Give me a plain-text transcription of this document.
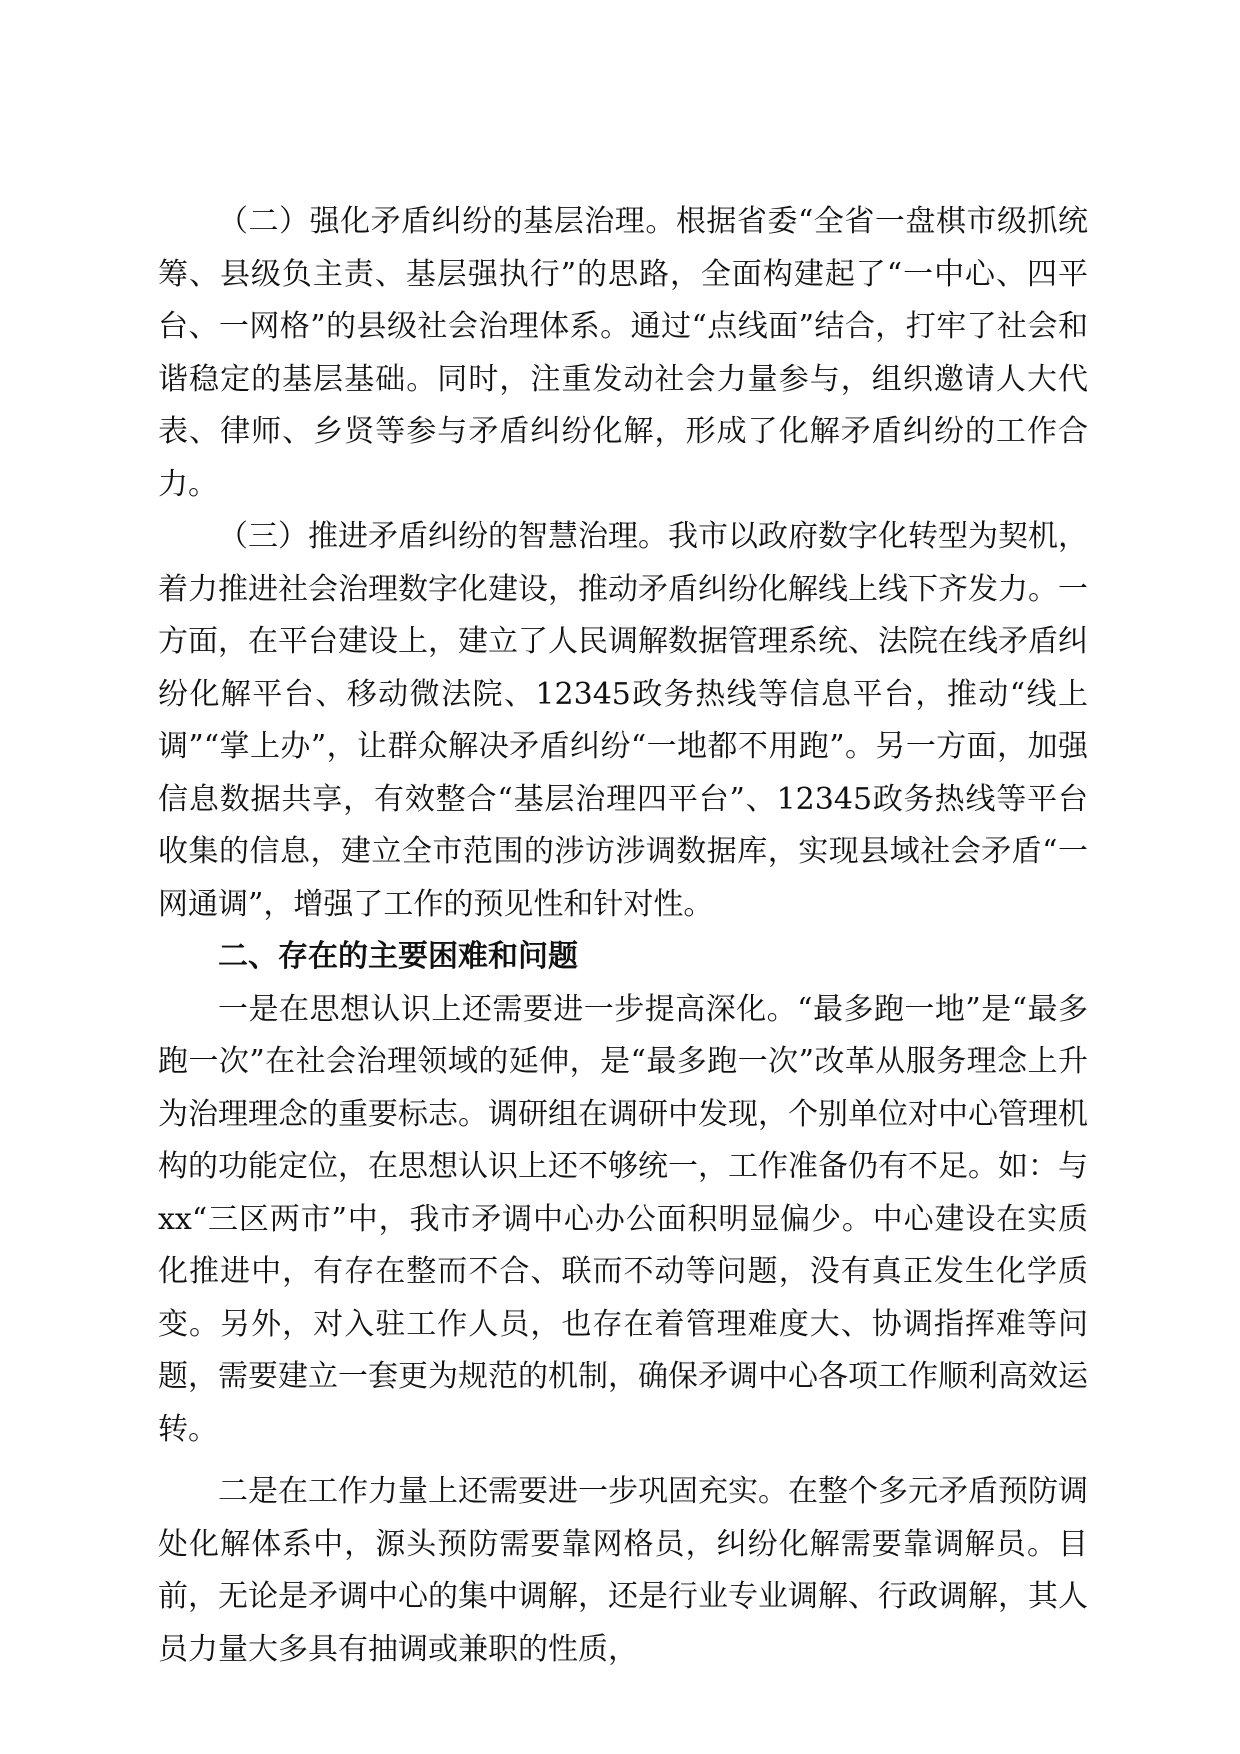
（二）强化矛盾纠纷的基层治理。根据省委“全省一盘棋市级抓统筹、县级负主责、基层强执行”的思路，全面构建起了“一中心、四平台、一网格”的县级社会治理体系。通过“点线面”结合，打牢了社会和谐稳定的基层基础。同时，注重发动社会力量参与，组织邀请人大代表、律师、乡贤等参与矛盾纠纷化解，形成了化解矛盾纠纷的工作合力。

（三）推进矛盾纠纷的智慧治理。我市以政府数字化转型为契机，着力推进社会治理数字化建设，推动矛盾纠纷化解线上线下齐发力。一方面，在平台建设上，建立了人民调解数据管理系统、法院在线矛盾纠纷化解平台、移动微法院、12345政务热线等信息平台，推动“线上调”“掌上办”，让群众解决矛盾纠纷“一地都不用跑”。另一方面，加强信息数据共享，有效整合“基层治理四平台”、12345政务热线等平台收集的信息，建立全市范围的涉访涉调数据库，实现县域社会矛盾“一网通调”，增强了工作的预见性和针对性。

二、存在的主要困难和问题

一是在思想认识上还需要进一步提高深化。“最多跑一地”是“最多跑一次”在社会治理领域的延伸，是“最多跑一次”改革从服务理念上升为治理理念的重要标志。调研组在调研中发现，个别单位对中心管理机构的功能定位，在思想认识上还不够统一，工作准备仍有不足。如：与xx“三区两市”中，我市矛调中心办公面积明显偏少。中心建设在实质化推进中，有存在整而不合、联而不动等问题，没有真正发生化学质变。另外，对入驻工作人员，也存在着管理难度大、协调指挥难等问题，需要建立一套更为规范的机制，确保矛调中心各项工作顺利高效运转。

二是在工作力量上还需要进一步巩固充实。在整个多元矛盾预防调处化解体系中，源头预防需要靠网格员，纠纷化解需要靠调解员。目前，无论是矛调中心的集中调解，还是行业专业调解、行政调解，其人员力量大多具有抽调或兼职的性质，
